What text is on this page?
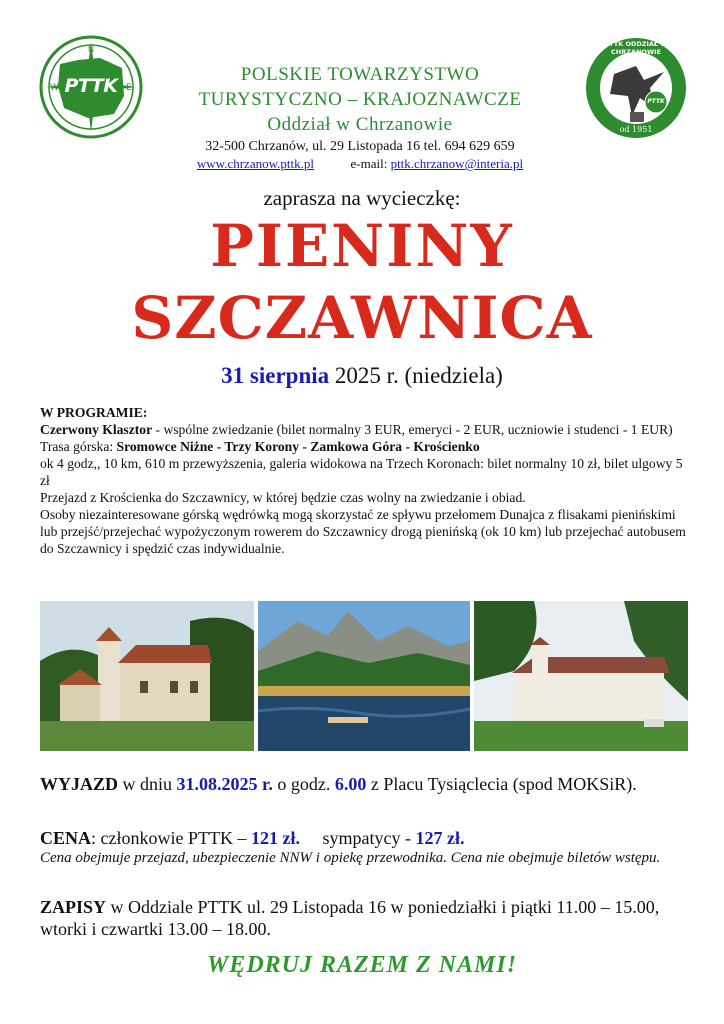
W
N
E
PTTK
PTTK ODDZIAŁ W CHRZANOWIE
PTTK
od 1951
POLSKIE TOWARZYSTWO
TURYSTYCZNO – KRAJOZNAWCZE
Oddział w Chrzanowie
32-500 Chrzanów, ul. 29 Listopada 16 tel. 694 629 659
www.chrzanow.pttk.pl	e-mail: pttk.chrzanow@interia.pl
zaprasza na wycieczkę:
PIENINY
SZCZAWNICA
31 sierpnia 2025 r. (niedziela)
W PROGRAMIE:
Czerwony Klasztor - wspólne zwiedzanie (bilet normalny 3 EUR, emeryci - 2 EUR, uczniowie i studenci - 1 EUR)
Trasa górska: Sromowce Niżne - Trzy Korony - Zamkowa Góra - Krościenko
ok 4 godz,, 10 km, 610 m przewyższenia, galeria widokowa na Trzech Koronach: bilet normalny 10 zł, bilet ulgowy 5 zł
Przejazd z Krościenka do Szczawnicy, w której będzie czas wolny na zwiedzanie i obiad.
Osoby niezainteresowane górską wędrówką mogą skorzystać ze spływu przełomem Dunajca z flisakami pienińskimi lub przejść/przejechać wypożyczonym rowerem do Szczawnicy drogą pienińską (ok 10 km) lub przejechać autobusem do Szczawnicy i spędzić czas indywidualnie.
WYJAZD w dniu 31.08.2025 r. o godz. 6.00 z Placu Tysiąclecia (spod MOKSiR).
CENA: członkowie PTTK – 121 zł.     sympatycy - 127 zł.
Cena obejmuje przejazd, ubezpieczenie NNW i opiekę przewodnika. Cena nie obejmuje biletów wstępu.
ZAPISY w Oddziale PTTK ul. 29 Listopada 16 w poniedziałki i piątki 11.00 – 15.00, wtorki i czwartki 13.00 – 18.00.
WĘDRUJ RAZEM Z NAMI!
